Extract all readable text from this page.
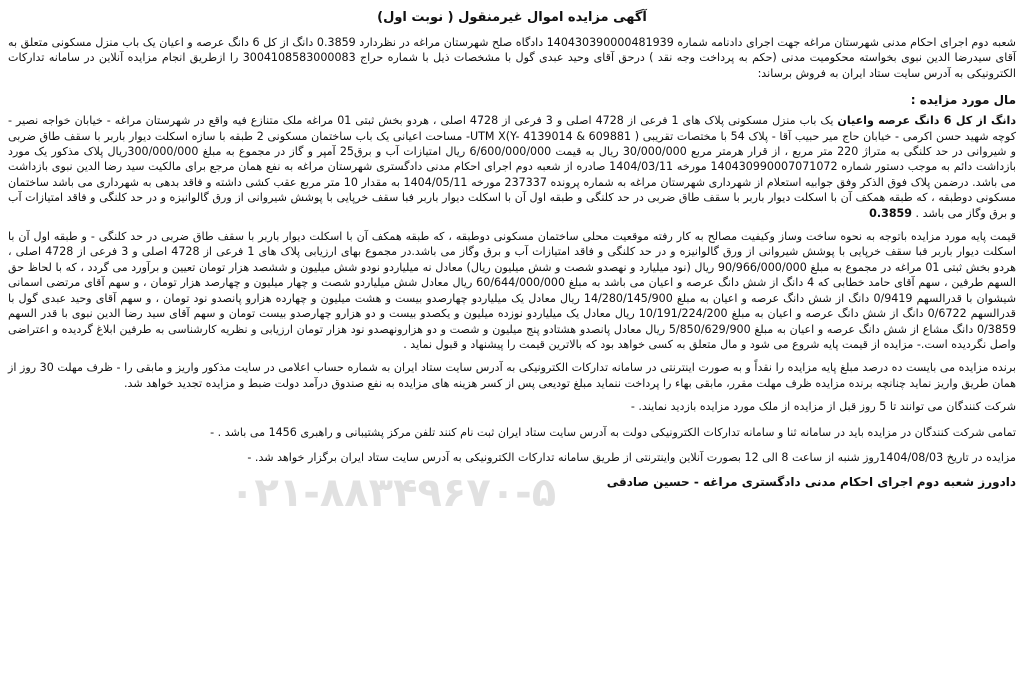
آگهی مزایده اموال غیرمنقول ( نوبت اول)

شعبه دوم اجرای احکام مدنی شهرستان مراغه جهت اجرای دادنامه شماره 140430390000481939 دادگاه صلح شهرستان مراغه در نظردارد 0.3859 دانگ از کل 6 دانگ عرصه و اعیان یک باب منزل مسکونی متعلق به آقای سیدرضا الدین نبوی بخواسته محکومیت مدنی (حکم به پرداخت وجه نقد ) درحق آقای وحید عبدی گول با مشخصات ذیل با شماره حراج 3004108583000083 را ازطریق انجام مزایده آنلاین در سامانه تدارکات الکترونیکی به آدرس سایت ستاد ایران به فروش برساند:

مال مورد مزایده :

دانگ از کل 6 دانگ عرصه واعیان یک باب منزل مسکونی پلاک های 1 فرعی از 4728 اصلی و 3 فرعی از 4728 اصلی ، هردو بخش ثبتی 01 مراغه ملک متنازع فیه واقع در شهرستان مراغه - خیابان خواجه نصیر - کوچه شهید حسن اکرمی - خیابان حاج میر حبیب آقا - پلاک 54 با مختصات تقریبی ( 609881 & Y- 4139014)UTM X- مساحت اعیانی یک باب ساختمان مسکونی 2 طبقه با سازه اسکلت دیوار باربر با سقف طاق ضربی و شیروانی در حد کلنگی به متراژ 220 متر مربع ، از قرار هرمتر مربع 30/000/000 ریال به قیمت 6/600/000/000 ریال امتیازات آب و برق25 آمپر و گاز در مجموع به مبلغ 300/000/000ریال پلاک مذکور یک مورد بازداشت دائم به موجب دستور شماره 140430990007071072 مورخه 1404/03/11 صادره از شعبه دوم اجرای احکام مدنی دادگستری شهرستان مراغه به نفع همان مرجع برای مالکیت سید رضا الدین نبوی بازداشت می باشد. درضمن پلاک فوق الذکر وفق جوابیه استعلام از شهرداری شهرستان مراغه به شماره پرونده 237337 مورخه 1404/05/11 به مقدار 10 متر مربع عقب کشی داشته و فاقد بدهی به شهرداری می باشد ساختمان مسکونی دوطبقه ، که طبقه همکف آن با اسکلت دیوار باربر با سقف طاق ضربی در حد کلنگی و طبقه اول آن با اسکلت دیوار باربر فبا سقف خرپایی با پوشش شیروانی از ورق گالوانیزه و در حد کلنگی و فاقد امتیازات آب و برق وگاز می باشد . 0.3859

قیمت پایه مورد مزایده باتوجه به نحوه ساخت وساز وکیفیت مصالح به کار رفته موقعیت محلی ساختمان مسکونی دوطبقه ، که طبقه همکف آن با اسکلت دیوار باربر با سقف طاق ضربی در حد کلنگی - و طبقه اول آن با اسکلت دیوار باربر فبا سقف خرپایی با پوشش شیروانی از ورق گالوانیزه و در حد کلنگی و فاقد امتیازات آب و برق وگاز می باشد.در مجموع بهای ارزیابی پلاک های 1 فرعی از 4728 اصلی و 3 فرعی از 4728 اصلی ، هردو بخش ثبتی 01 مراغه در مجموع به مبلغ 90/966/000/000 ریال (نود میلیارد و نهصدو شصت و شش میلیون ریال) معادل نه میلیاردو نودو شش میلیون و ششصد هزار تومان تعیین و برآورد می گردد ، که با لحاظ حق السهم طرفین ، سهم آقای حامد خطابی که 4 دانگ از شش دانگ عرصه و اعیان می باشد به مبلغ 60/644/000/000 ریال معادل شش میلیاردو شصت و چهار میلیون و چهارصد هزار تومان ، و سهم آقای مرتضی اسمانی شیشوان با قدرالسهم 0/9419 دانگ از شش دانگ عرصه و اعیان به مبلغ 14/280/145/900 ریال معادل یک میلیاردو چهارصدو بیست و هشت میلیون و چهارده هزارو پانصدو نود تومان ، و سهم آقای وحید عبدی گول با قدرالسهم 0/6722 دانگ از شش دانگ عرصه و اعیان به مبلغ 10/191/224/200 ریال معادل یک میلیاردو نوزده میلیون و یکصدو بیست و دو هزارو چهارصدو بیست تومان و سهم آقای سید رضا الدین نبوی با قدر السهم 0/3859 دانگ مشاع از شش دانگ عرصه و اعیان به مبلغ 5/850/629/900 ریال معادل پانصدو هشتادو پنج میلیون و شصت و دو هزارونهصدو نود هزار تومان ارزیابی و نظریه کارشناسی به طرفین ابلاغ گردیده و اعتراضی واصل نگردیده است.- مزایده از قیمت پایه شروع می شود و مال متعلق به کسی خواهد بود که بالاترین قیمت را پیشنهاد و قبول نماید .

برنده مزایده می بایست ده درصد مبلغ پایه مزایده را نقداً و به صورت اینترنتی در سامانه تدارکات الکترونیکی به آدرس سایت ستاد ایران به شماره حساب اعلامی در سایت مذکور واریز و مابقی را - ظرف مهلت 30 روز از همان طریق واریز نماید چنانچه برنده مزایده ظرف مهلت مقرر، مابقی بهاء را پرداخت ننماید مبلغ تودیعی پس از کسر هزینه های مزایده به نفع صندوق درآمد دولت ضبط و مزایده تجدید خواهد شد.

شرکت کنندگان می توانند تا 5 روز قبل از مزایده از ملک مورد مزایده بازدید نمایند. -

تمامی شرکت کنندگان در مزایده باید در سامانه ثنا و سامانه تدارکات الکترونیکی دولت به آدرس سایت ستاد ایران ثبت نام کنند تلفن مرکز پشتیبانی و راهبری 1456 می باشد . -

مزایده در تاریخ 1404/08/03روز شنبه از ساعت 8 الی 12 بصورت آنلاین واینترنتی از طریق سامانه تدارکات الکترونیکی به آدرس سایت ستاد ایران برگزار خواهد شد. -

دادورز شعبه دوم اجرای احکام مدنی دادگستری مراغه - حسین صادقی
۰۲۱-۸۸۳۴۹۶۷۰-۵
